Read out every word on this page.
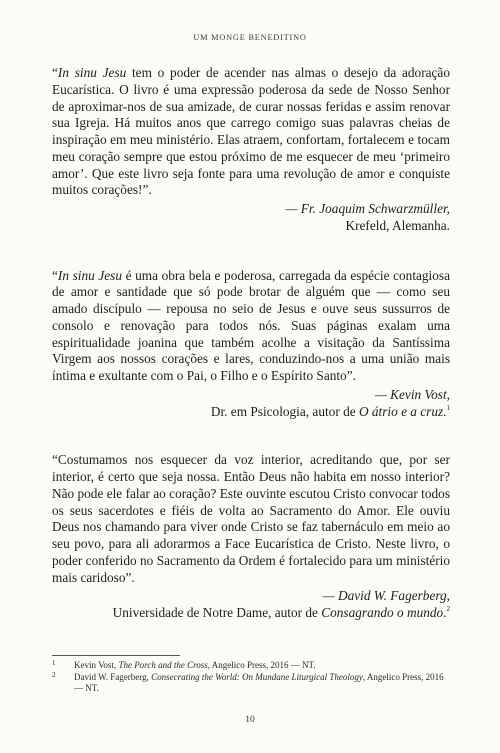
UM MONGE BENEDITINO

“In sinu Jesu tem o poder de acender nas almas o desejo da adoração Eucarística. O livro é uma expressão poderosa da sede de Nosso Senhor de aproximar-nos de sua amizade, de curar nossas feridas e assim renovar sua Igreja. Há muitos anos que carrego comigo suas palavras cheias de inspiração em meu ministério. Elas atraem, confortam, fortalecem e tocam meu coração sempre que estou próximo de me esquecer de meu ‘primeiro amor’. Que este livro seja fonte para uma revolução de amor e conquiste muitos corações!”.

— Fr. Joaquim Schwarzmüller,
Krefeld, Alemanha.

“In sinu Jesu é uma obra bela e poderosa, carregada da espécie contagiosa de amor e santidade que só pode brotar de alguém que — como seu amado discípulo — repousa no seio de Jesus e ouve seus sussurros de consolo e renovação para todos nós. Suas páginas exalam uma espiritualidade joanina que também acolhe a visitação da Santíssima Virgem aos nossos corações e lares, conduzindo-nos a uma união mais íntima e exultante com o Pai, o Filho e o Espírito Santo”.

— Kevin Vost,
Dr. em Psicologia, autor de O átrio e a cruz.$^1$

“Costumamos nos esquecer da voz interior, acreditando que, por ser interior, é certo que seja nossa. Então Deus não habita em nosso interior? Não pode ele falar ao coração? Este ouvinte escutou Cristo convocar todos os seus sacerdotes e fiéis de volta ao Sacramento do Amor. Ele ouviu Deus nos chamando para viver onde Cristo se faz tabernáculo em meio ao seu povo, para ali adorarmos a Face Eucarística de Cristo. Neste livro, o poder conferido no Sacramento da Ordem é fortalecido para um ministério mais caridoso”.

— David W. Fagerberg,
Universidade de Notre Dame, autor de Consagrando o mundo.$^2$
1 Kevin Vost, The Porch and the Cross, Angelico Press, 2016 — NT.
2 David W. Fagerberg, Consecrating the World: On Mundane Liturgical Theology, Angelico Press, 2016 — NT.
10
